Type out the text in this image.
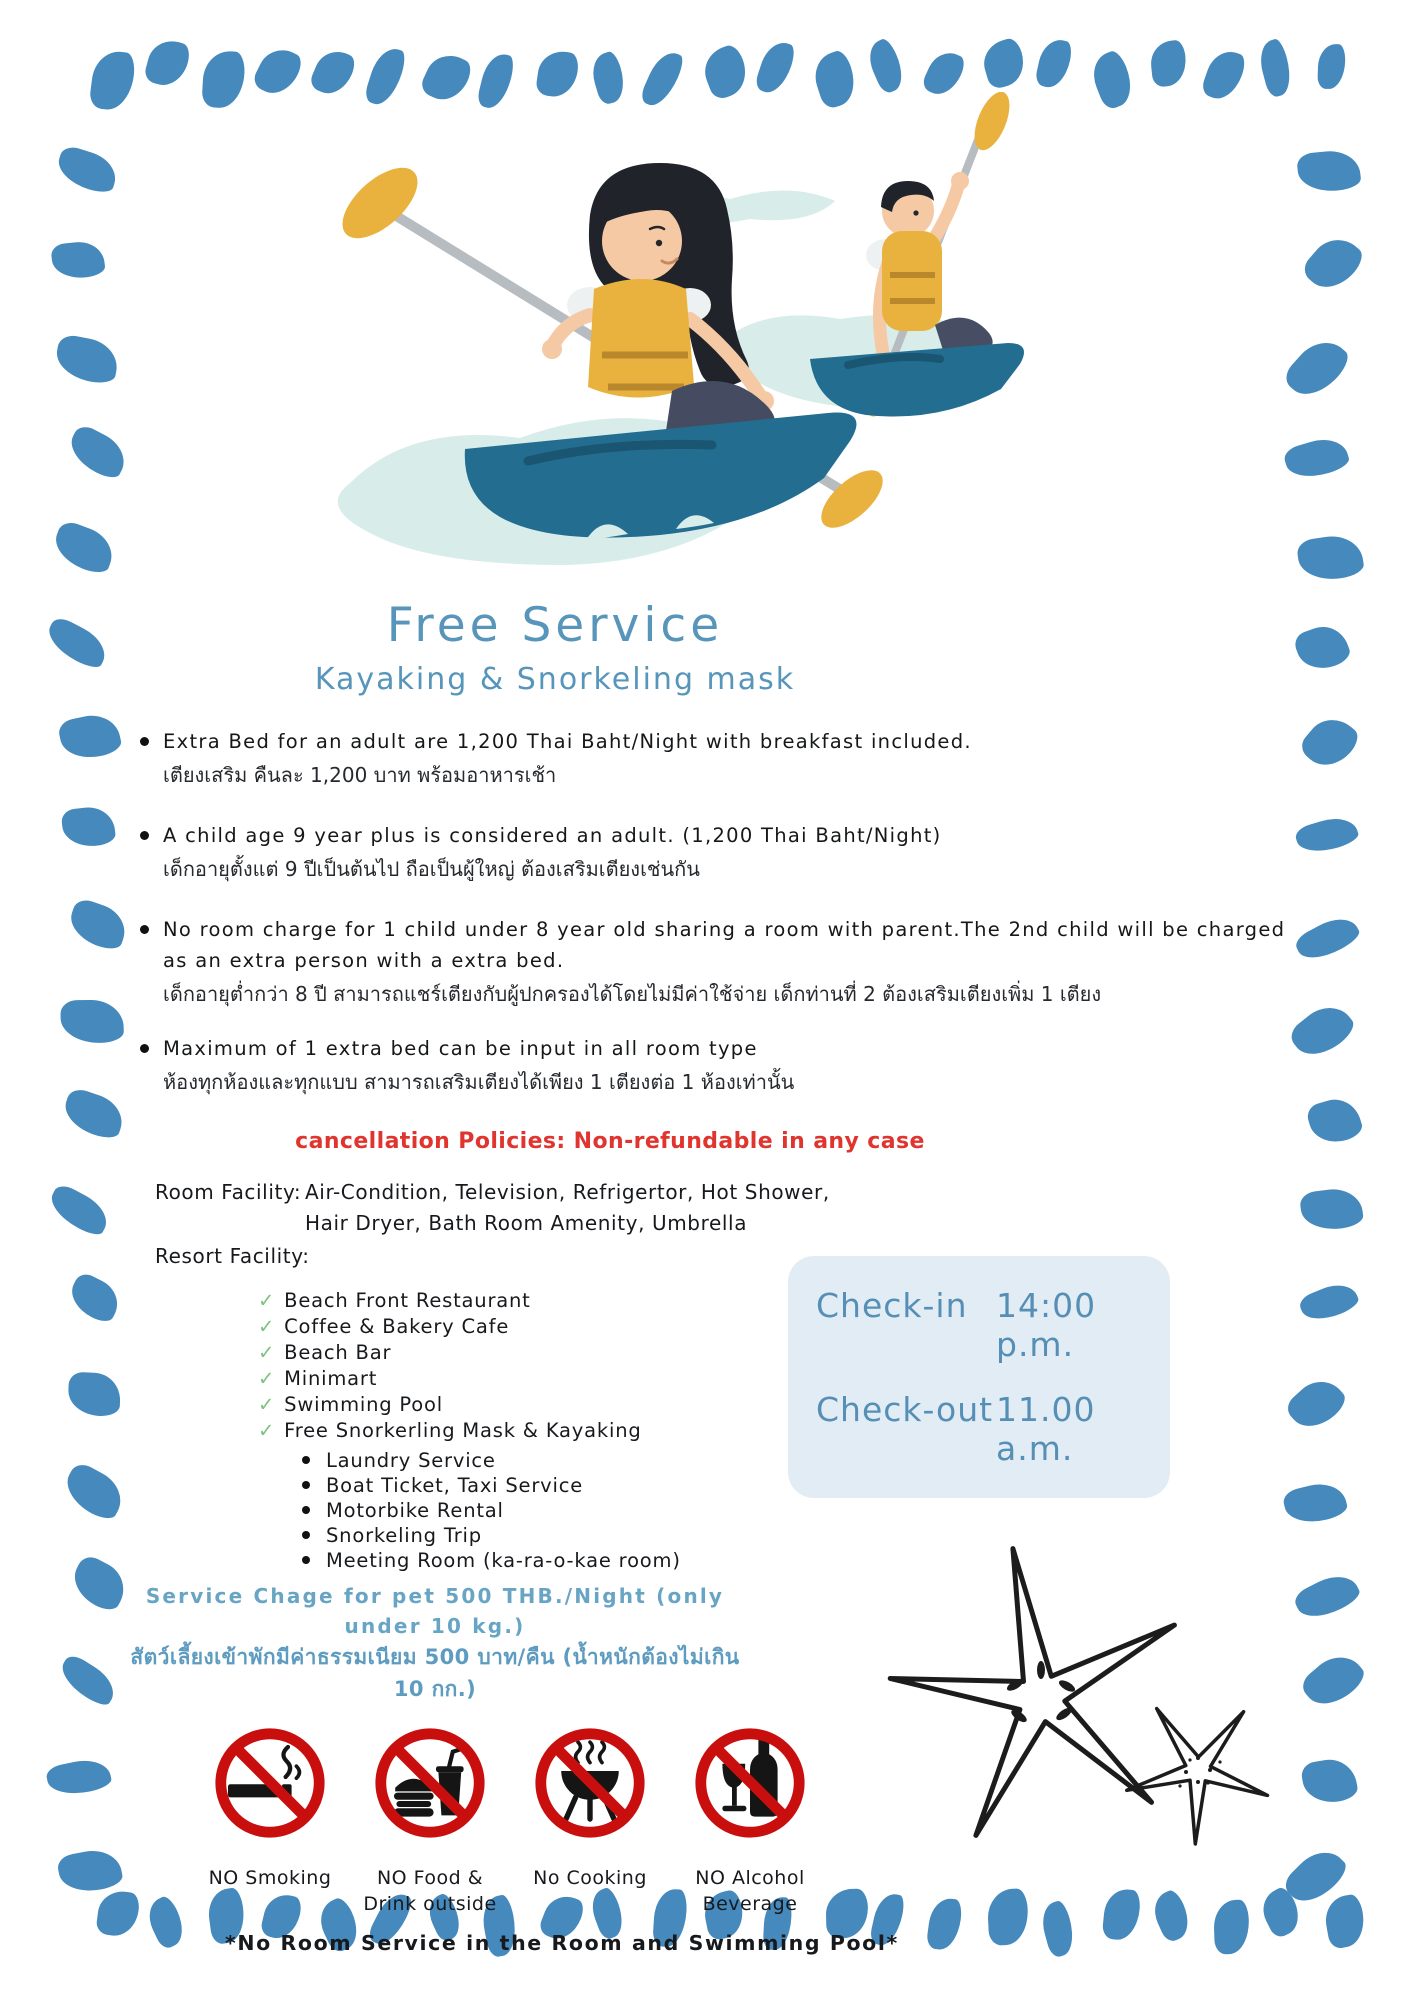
Free Service
Kayaking & Snorkeling mask
Extra Bed for an adult are 1,200 Thai Baht/Night with breakfast included.
เตียงเสริม คืนละ 1,200 บาท พร้อมอาหารเช้า
A child age 9 year plus is considered an adult. (1,200 Thai Baht/Night)
เด็กอายุตั้งแต่ 9 ปีเป็นต้นไป ถือเป็นผู้ใหญ่ ต้องเสริมเตียงเช่นกัน
No room charge for 1 child under 8 year old sharing a room with parent.The 2nd child will be charged as an extra person with a extra bed.
เด็กอายุต่ำกว่า 8 ปี สามารถแชร์เตียงกับผู้ปกครองได้โดยไม่มีค่าใช้จ่าย เด็กท่านที่ 2 ต้องเสริมเตียงเพิ่ม 1 เตียง
Maximum of 1 extra bed can be input in all room type
ห้องทุกห้องและทุกแบบ สามารถเสริมเตียงได้เพียง 1 เตียงต่อ 1 ห้องเท่านั้น
cancellation Policies: Non-refundable in any case
Room Facility: Air-Condition, Television, Refrigertor, Hot Shower,
Hair Dryer, Bath Room Amenity, Umbrella
Resort Facility:
✓ Beach Front Restaurant
✓ Coffee & Bakery Cafe
✓ Beach Bar
✓ Minimart
✓ Swimming Pool
✓ Free Snorkerling Mask & Kayaking
Laundry Service
Boat Ticket, Taxi Service
Motorbike Rental
Snorkeling Trip
Meeting Room (ka-ra-o-kae room)
Service Chage for pet 500 THB./Night (only under 10 kg.)
สัตว์เลี้ยงเข้าพักมีค่าธรรมเนียม 500 บาท/คืน (น้ำหนักต้องไม่เกิน 10 กก.)
NO Smoking	NO Food & Drink outside
No Cooking	NO Alcohol Beverage
*No Room Service in the Room and Swimming Pool*
Check-in 14:00 p.m.
Check-out 11.00 a.m.
